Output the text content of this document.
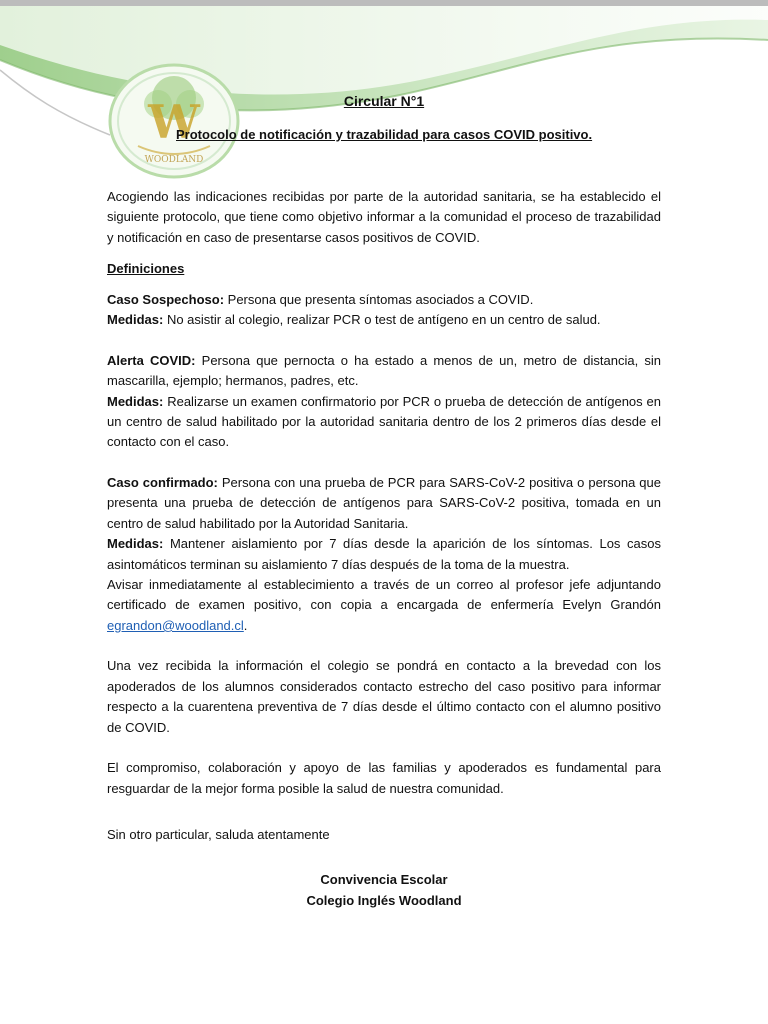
W
WOODLAND
Circular N°1
Protocolo de notificación y trazabilidad para casos COVID positivo.

Acogiendo las indicaciones recibidas por parte de la autoridad sanitaria, se ha establecido el siguiente protocolo, que tiene como objetivo informar a la comunidad el proceso de trazabilidad y notificación en caso de presentarse casos positivos de COVID.

Definiciones

Caso Sospechoso: Persona que presenta síntomas asociados a COVID.

Medidas: No asistir al colegio, realizar PCR o test de antígeno en un centro de salud.

Alerta COVID: Persona que pernocta o ha estado a menos de un, metro de distancia, sin mascarilla, ejemplo; hermanos, padres, etc.

Medidas: Realizarse un examen confirmatorio por PCR o prueba de detección de antígenos en un centro de salud habilitado por la autoridad sanitaria dentro de los 2 primeros días desde el contacto con el caso.

Caso confirmado: Persona con una prueba de PCR para SARS-CoV-2 positiva o persona que presenta una prueba de detección de antígenos para SARS-CoV-2 positiva, tomada en un centro de salud habilitado por la Autoridad Sanitaria.

Medidas: Mantener aislamiento por 7 días desde la aparición de los síntomas. Los casos asintomáticos terminan su aislamiento 7 días después de la toma de la muestra.

Avisar inmediatamente al establecimiento a través de un correo al profesor jefe adjuntando certificado de examen positivo, con copia a encargada de enfermería Evelyn Grandón egrandon@woodland.cl.

Una vez recibida la información el colegio se pondrá en contacto a la brevedad con los apoderados de los alumnos considerados contacto estrecho del caso positivo para informar respecto a la cuarentena preventiva de 7 días desde el último contacto con el alumno positivo de COVID.

El compromiso, colaboración y apoyo de las familias y apoderados es fundamental para resguardar de la mejor forma posible la salud de nuestra comunidad.

Sin otro particular, saluda atentamente

Convivencia Escolar
Colegio Inglés Woodland
